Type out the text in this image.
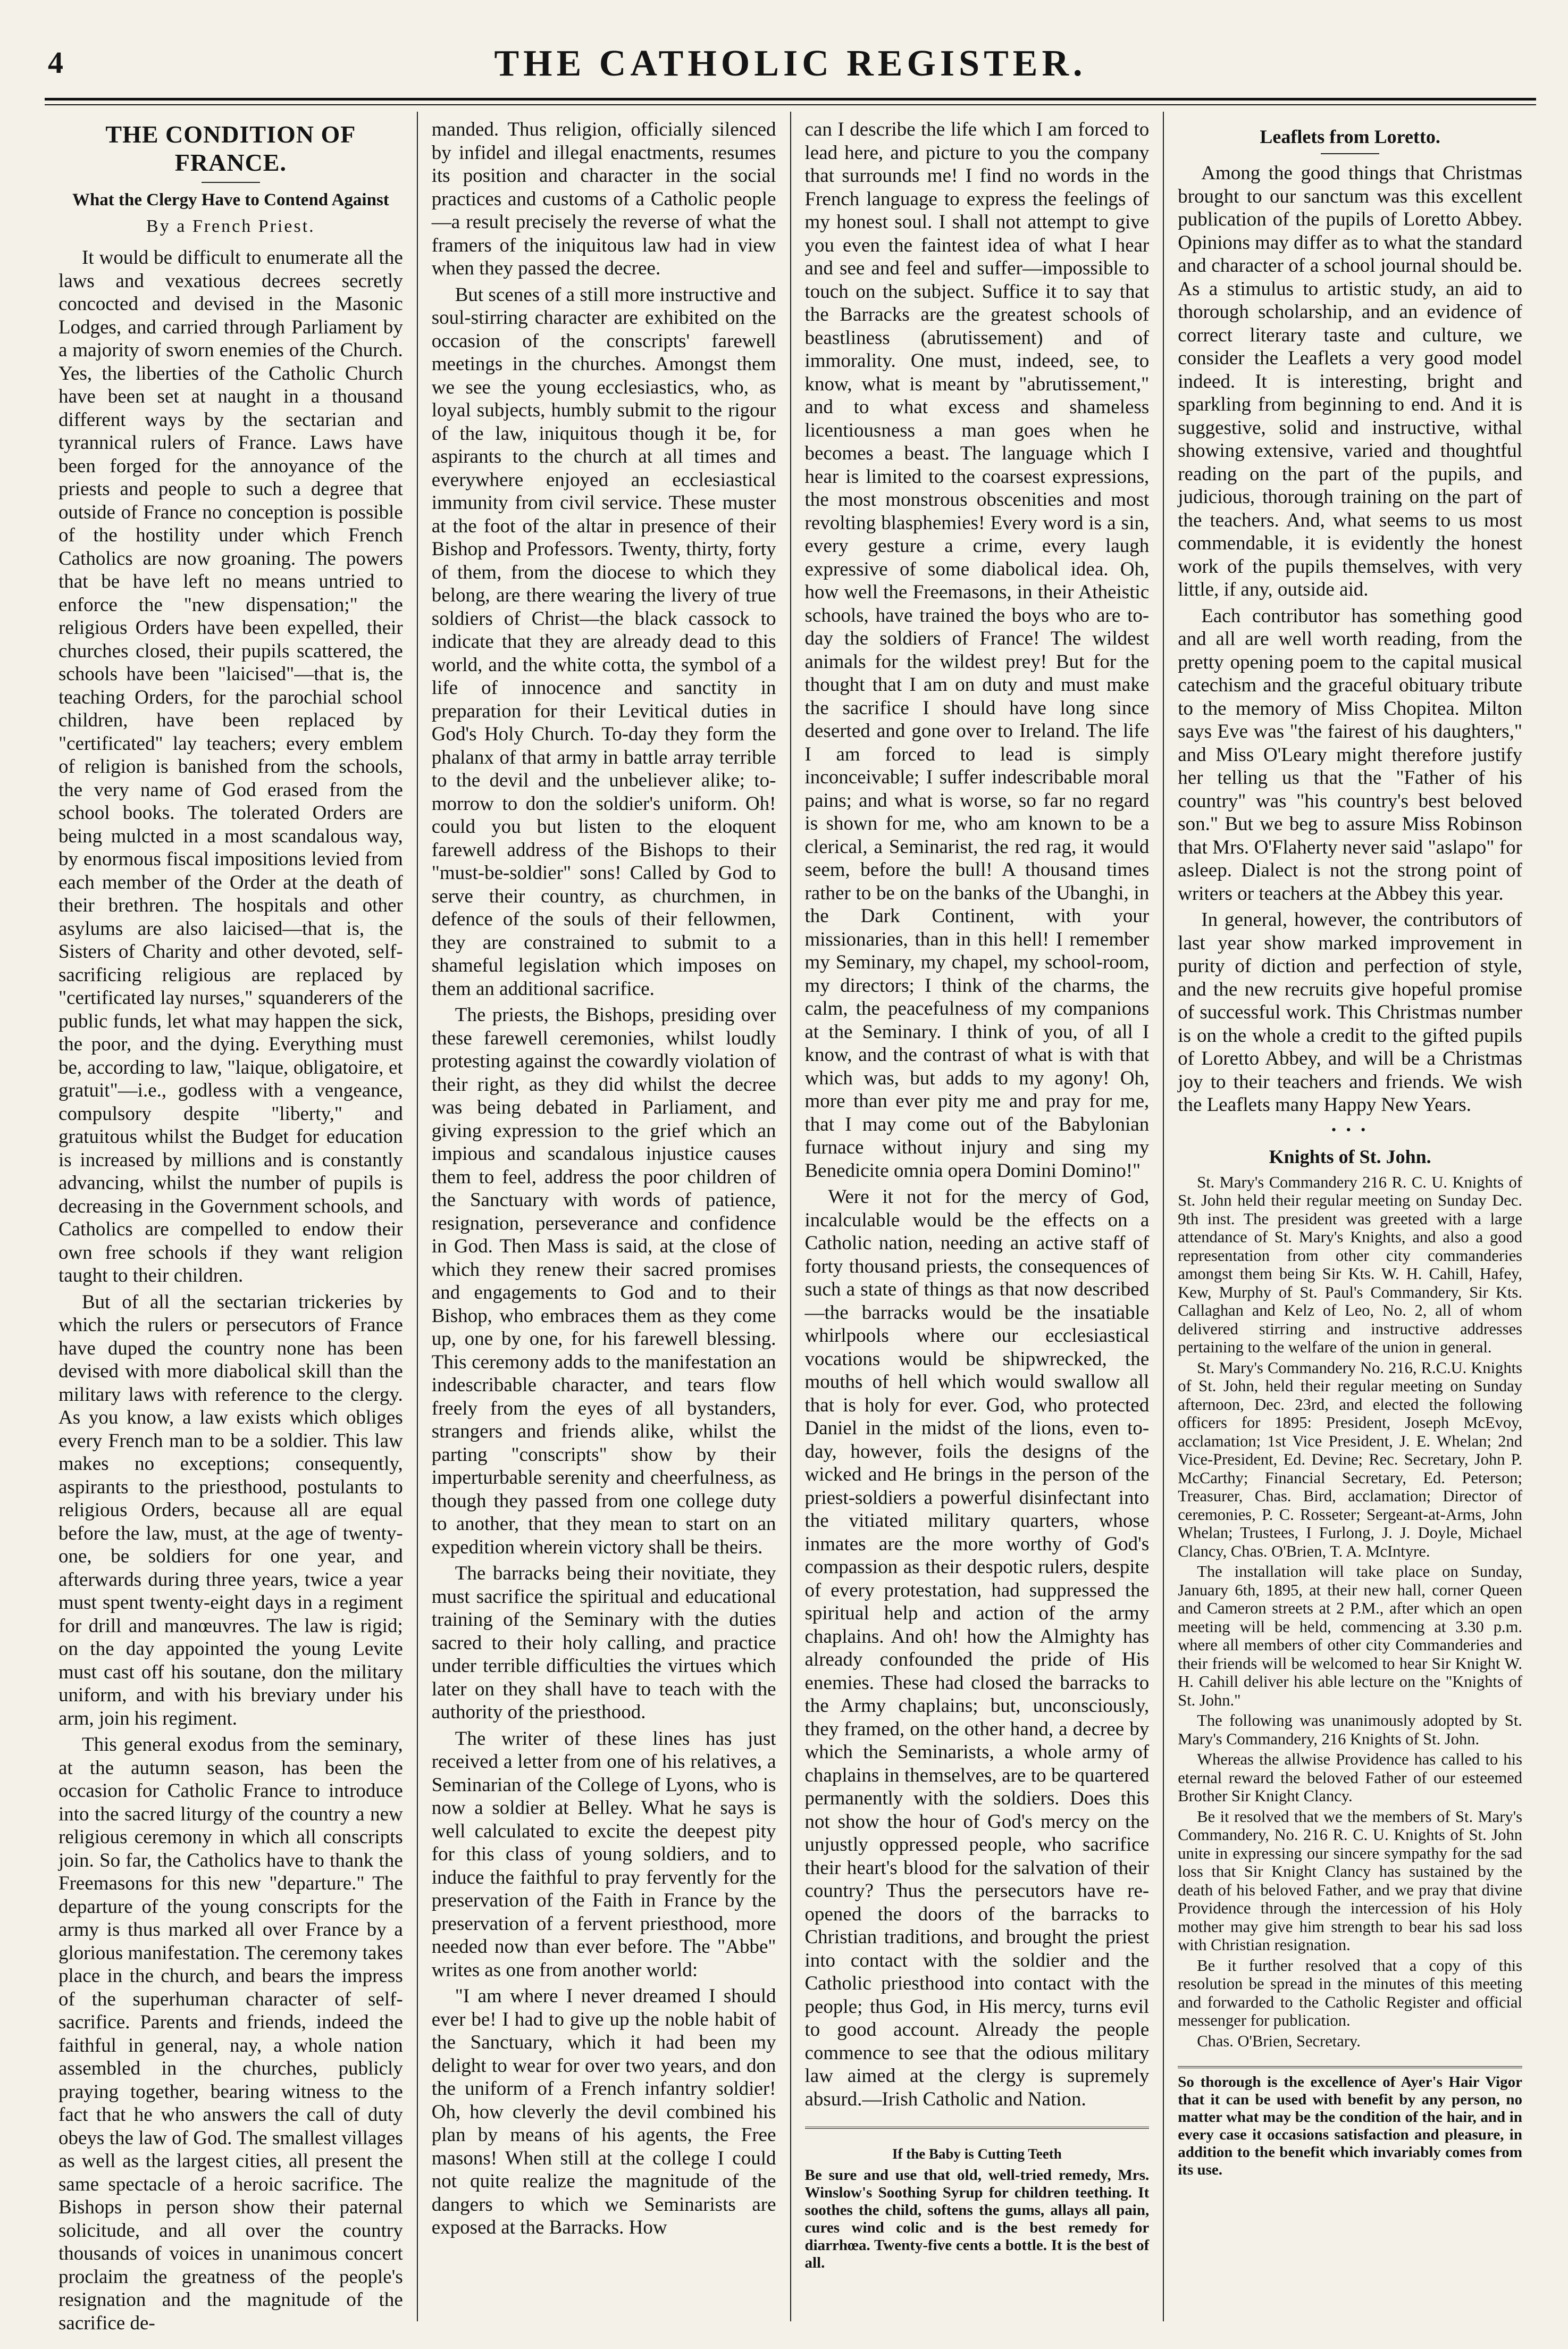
4	THE CATHOLIC REGISTER.
THE CONDITION OF FRANCE.
What the Clergy Have to Contend Against
By a French Priest.

It would be difficult to enumerate all the laws and vexatious decrees secretly concocted and devised in the Masonic Lodges, and carried through Parliament by a majority of sworn enemies of the Church. Yes, the liberties of the Catholic Church have been set at naught in a thousand different ways by the sectarian and tyrannical rulers of France. Laws have been forged for the annoyance of the priests and people to such a degree that outside of France no conception is possible of the hostility under which French Catholics are now groaning. The powers that be have left no means untried to enforce the "new dispensation;" the religious Orders have been expelled, their churches closed, their pupils scattered, the schools have been "laicised"—that is, the teaching Orders, for the parochial school children, have been replaced by "certificated" lay teachers; every emblem of religion is banished from the schools, the very name of God erased from the school books. The tolerated Orders are being mulcted in a most scandalous way, by enormous fiscal impositions levied from each member of the Order at the death of their brethren. The hospitals and other asylums are also laicised—that is, the Sisters of Charity and other devoted, self-sacrificing religious are replaced by "certificated lay nurses," squanderers of the public funds, let what may happen the sick, the poor, and the dying. Everything must be, according to law, "laique, obligatoire, et gratuit"—i.e., godless with a vengeance, compulsory despite "liberty," and gratuitous whilst the Budget for education is increased by millions and is constantly advancing, whilst the number of pupils is decreasing in the Government schools, and Catholics are compelled to endow their own free schools if they want religion taught to their children.

But of all the sectarian trickeries by which the rulers or persecutors of France have duped the country none has been devised with more diabolical skill than the military laws with reference to the clergy. As you know, a law exists which obliges every French man to be a soldier. This law makes no exceptions; consequently, aspirants to the priesthood, postulants to religious Orders, because all are equal before the law, must, at the age of twenty-one, be soldiers for one year, and afterwards during three years, twice a year must spent twenty-eight days in a regiment for drill and manœuvres. The law is rigid; on the day appointed the young Levite must cast off his soutane, don the military uniform, and with his breviary under his arm, join his regiment.

This general exodus from the seminary, at the autumn season, has been the occasion for Catholic France to introduce into the sacred liturgy of the country a new religious ceremony in which all conscripts join. So far, the Catholics have to thank the Freemasons for this new "departure." The departure of the young conscripts for the army is thus marked all over France by a glorious manifestation. The ceremony takes place in the church, and bears the impress of the superhuman character of self-sacrifice. Parents and friends, indeed the faithful in general, nay, a whole nation assembled in the churches, publicly praying together, bearing witness to the fact that he who answers the call of duty obeys the law of God. The smallest villages as well as the largest cities, all present the same spectacle of a heroic sacrifice. The Bishops in person show their paternal solicitude, and all over the country thousands of voices in unanimous concert proclaim the greatness of the people's resignation and the magnitude of the sacrifice de-

manded. Thus religion, officially silenced by infidel and illegal enactments, resumes its position and character in the social practices and customs of a Catholic people—a result precisely the reverse of what the framers of the iniquitous law had in view when they passed the decree.

But scenes of a still more instructive and soul-stirring character are exhibited on the occasion of the conscripts' farewell meetings in the churches. Amongst them we see the young ecclesiastics, who, as loyal subjects, humbly submit to the rigour of the law, iniquitous though it be, for aspirants to the church at all times and everywhere enjoyed an ecclesiastical immunity from civil service. These muster at the foot of the altar in presence of their Bishop and Professors. Twenty, thirty, forty of them, from the diocese to which they belong, are there wearing the livery of true soldiers of Christ—the black cassock to indicate that they are already dead to this world, and the white cotta, the symbol of a life of innocence and sanctity in preparation for their Levitical duties in God's Holy Church. To-day they form the phalanx of that army in battle array terrible to the devil and the unbeliever alike; to-morrow to don the soldier's uniform. Oh! could you but listen to the eloquent farewell address of the Bishops to their "must-be-soldier" sons! Called by God to serve their country, as churchmen, in defence of the souls of their fellowmen, they are constrained to submit to a shameful legislation which imposes on them an additional sacrifice.

The priests, the Bishops, presiding over these farewell ceremonies, whilst loudly protesting against the cowardly violation of their right, as they did whilst the decree was being debated in Parliament, and giving expression to the grief which an impious and scandalous injustice causes them to feel, address the poor children of the Sanctuary with words of patience, resignation, perseverance and confidence in God. Then Mass is said, at the close of which they renew their sacred promises and engagements to God and to their Bishop, who embraces them as they come up, one by one, for his farewell blessing. This ceremony adds to the manifestation an indescribable character, and tears flow freely from the eyes of all bystanders, strangers and friends alike, whilst the parting "conscripts" show by their imperturbable serenity and cheerfulness, as though they passed from one college duty to another, that they mean to start on an expedition wherein victory shall be theirs.

The barracks being their novitiate, they must sacrifice the spiritual and educational training of the Seminary with the duties sacred to their holy calling, and practice under terrible difficulties the virtues which later on they shall have to teach with the authority of the priesthood.

The writer of these lines has just received a letter from one of his relatives, a Seminarian of the College of Lyons, who is now a soldier at Belley. What he says is well calculated to excite the deepest pity for this class of young soldiers, and to induce the faithful to pray fervently for the preservation of the Faith in France by the preservation of a fervent priesthood, more needed now than ever before. The "Abbe" writes as one from another world:

"I am where I never dreamed I should ever be! I had to give up the noble habit of the Sanctuary, which it had been my delight to wear for over two years, and don the uniform of a French infantry soldier! Oh, how cleverly the devil combined his plan by means of his agents, the Free masons! When still at the college I could not quite realize the magnitude of the dangers to which we Seminarists are exposed at the Barracks. How

can I describe the life which I am forced to lead here, and picture to you the company that surrounds me! I find no words in the French language to express the feelings of my honest soul. I shall not attempt to give you even the faintest idea of what I hear and see and feel and suffer—impossible to touch on the subject. Suffice it to say that the Barracks are the greatest schools of beastliness (abrutissement) and of immorality. One must, indeed, see, to know, what is meant by "abrutissement," and to what excess and shameless licentiousness a man goes when he becomes a beast. The language which I hear is limited to the coarsest expressions, the most monstrous obscenities and most revolting blasphemies! Every word is a sin, every gesture a crime, every laugh expressive of some diabolical idea. Oh, how well the Freemasons, in their Atheistic schools, have trained the boys who are to-day the soldiers of France! The wildest animals for the wildest prey! But for the thought that I am on duty and must make the sacrifice I should have long since deserted and gone over to Ireland. The life I am forced to lead is simply inconceivable; I suffer indescribable moral pains; and what is worse, so far no regard is shown for me, who am known to be a clerical, a Seminarist, the red rag, it would seem, before the bull! A thousand times rather to be on the banks of the Ubanghi, in the Dark Continent, with your missionaries, than in this hell! I remember my Seminary, my chapel, my school-room, my directors; I think of the charms, the calm, the peacefulness of my companions at the Seminary. I think of you, of all I know, and the contrast of what is with that which was, but adds to my agony! Oh, more than ever pity me and pray for me, that I may come out of the Babylonian furnace without injury and sing my Benedicite omnia opera Domini Domino!"

Were it not for the mercy of God, incalculable would be the effects on a Catholic nation, needing an active staff of forty thousand priests, the consequences of such a state of things as that now described—the barracks would be the insatiable whirlpools where our ecclesiastical vocations would be shipwrecked, the mouths of hell which would swallow all that is holy for ever. God, who protected Daniel in the midst of the lions, even to-day, however, foils the designs of the wicked and He brings in the person of the priest-soldiers a powerful disinfectant into the vitiated military quarters, whose inmates are the more worthy of God's compassion as their despotic rulers, despite of every protestation, had suppressed the spiritual help and action of the army chaplains. And oh! how the Almighty has already confounded the pride of His enemies. These had closed the barracks to the Army chaplains; but, unconsciously, they framed, on the other hand, a decree by which the Seminarists, a whole army of chaplains in themselves, are to be quartered permanently with the soldiers. Does this not show the hour of God's mercy on the unjustly oppressed people, who sacrifice their heart's blood for the salvation of their country? Thus the persecutors have re-opened the doors of the barracks to Christian traditions, and brought the priest into contact with the soldier and the Catholic priesthood into contact with the people; thus God, in His mercy, turns evil to good account. Already the people commence to see that the odious military law aimed at the clergy is supremely absurd.—Irish Catholic and Nation.

If the Baby is Cutting Teeth

Be sure and use that old, well-tried remedy, Mrs. Winslow's Soothing Syrup for children teething. It soothes the child, softens the gums, allays all pain, cures wind colic and is the best remedy for diarrhœa. Twenty-five cents a bottle. It is the best of all.

Leaflets from Loretto.

Among the good things that Christmas brought to our sanctum was this excellent publication of the pupils of Loretto Abbey. Opinions may differ as to what the standard and character of a school journal should be. As a stimulus to artistic study, an aid to thorough scholarship, and an evidence of correct literary taste and culture, we consider the Leaflets a very good model indeed. It is interesting, bright and sparkling from beginning to end. And it is suggestive, solid and instructive, withal showing extensive, varied and thoughtful reading on the part of the pupils, and judicious, thorough training on the part of the teachers. And, what seems to us most commendable, it is evidently the honest work of the pupils themselves, with very little, if any, outside aid.

Each contributor has something good and all are well worth reading, from the pretty opening poem to the capital musical catechism and the graceful obituary tribute to the memory of Miss Chopitea. Milton says Eve was "the fairest of his daughters," and Miss O'Leary might therefore justify her telling us that the "Father of his country" was "his country's best beloved son." But we beg to assure Miss Robinson that Mrs. O'Flaherty never said "aslapo" for asleep. Dialect is not the strong point of writers or teachers at the Abbey this year.

In general, however, the contributors of last year show marked improvement in purity of diction and perfection of style, and the new recruits give hopeful promise of successful work. This Christmas number is on the whole a credit to the gifted pupils of Loretto Abbey, and will be a Christmas joy to their teachers and friends. We wish the Leaflets many Happy New Years.

• • •
Knights of St. John.

St. Mary's Commandery 216 R. C. U. Knights of St. John held their regular meeting on Sunday Dec. 9th inst. The president was greeted with a large attendance of St. Mary's Knights, and also a good representation from other city commanderies amongst them being Sir Kts. W. H. Cahill, Hafey, Kew, Murphy of St. Paul's Commandery, Sir Kts. Callaghan and Kelz of Leo, No. 2, all of whom delivered stirring and instructive addresses pertaining to the welfare of the union in general.

St. Mary's Commandery No. 216, R.C.U. Knights of St. John, held their regular meeting on Sunday afternoon, Dec. 23rd, and elected the following officers for 1895: President, Joseph McEvoy, acclamation; 1st Vice President, J. E. Whelan; 2nd Vice-President, Ed. Devine; Rec. Secretary, John P. McCarthy; Financial Secretary, Ed. Peterson; Treasurer, Chas. Bird, acclamation; Director of ceremonies, P. C. Rosseter; Sergeant-at-Arms, John Whelan; Trustees, I Furlong, J. J. Doyle, Michael Clancy, Chas. O'Brien, T. A. McIntyre.

The installation will take place on Sunday, January 6th, 1895, at their new hall, corner Queen and Cameron streets at 2 P.M., after which an open meeting will be held, commencing at 3.30 p.m. where all members of other city Commanderies and their friends will be welcomed to hear Sir Knight W. H. Cahill deliver his able lecture on the "Knights of St. John."

The following was unanimously adopted by St. Mary's Commandery, 216 Knights of St. John.

Whereas the allwise Providence has called to his eternal reward the beloved Father of our esteemed Brother Sir Knight Clancy.

Be it resolved that we the members of St. Mary's Commandery, No. 216 R. C. U. Knights of St. John unite in expressing our sincere sympathy for the sad loss that Sir Knight Clancy has sustained by the death of his beloved Father, and we pray that divine Providence through the intercession of his Holy mother may give him strength to bear his sad loss with Christian resignation.

Be it further resolved that a copy of this resolution be spread in the minutes of this meeting and forwarded to the Catholic Register and official messenger for publication.

Chas. O'Brien, Secretary.

So thorough is the excellence of Ayer's Hair Vigor that it can be used with benefit by any person, no matter what may be the condition of the hair, and in every case it occasions satisfaction and pleasure, in addition to the benefit which invariably comes from its use.
